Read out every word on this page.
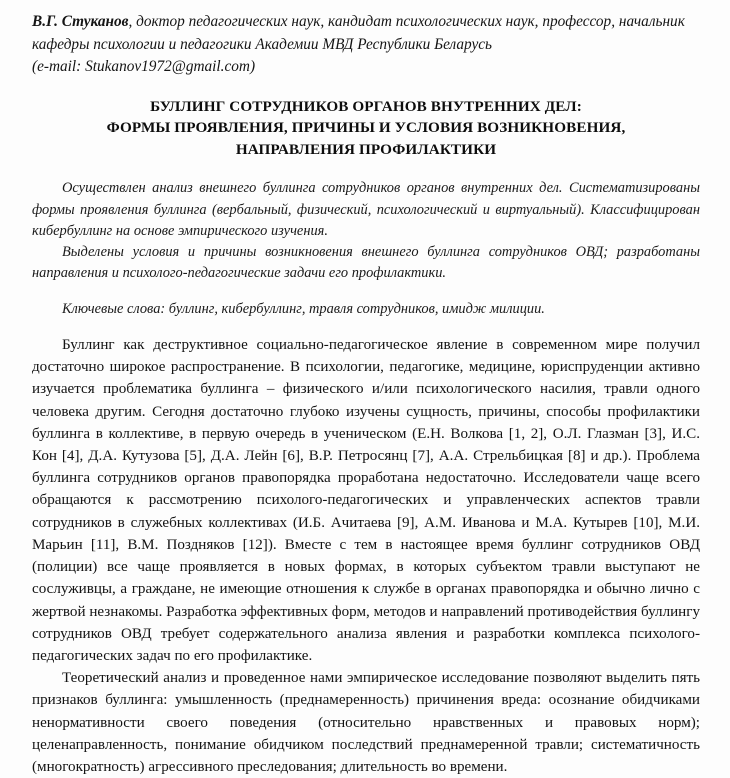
В.Г. Стуканов, доктор педагогических наук, кандидат психологических наук, профессор, начальник кафедры психологии и педагогики Академии МВД Республики Беларусь
(e-mail: Stukanov1972@gmail.com)
БУЛЛИНГ СОТРУДНИКОВ ОРГАНОВ ВНУТРЕННИХ ДЕЛ:
ФОРМЫ ПРОЯВЛЕНИЯ, ПРИЧИНЫ И УСЛОВИЯ ВОЗНИКНОВЕНИЯ,
НАПРАВЛЕНИЯ ПРОФИЛАКТИКИ

Осуществлен анализ внешнего буллинга сотрудников органов внутренних дел. Систематизированы формы проявления буллинга (вербальный, физический, психологический и виртуальный). Классифицирован кибербуллинг на основе эмпирического изучения.

Выделены условия и причины возникновения внешнего буллинга сотрудников ОВД; разработаны направления и психолого-педагогические задачи его профилактики.

Ключевые слова: буллинг, кибербуллинг, травля сотрудников, имидж милиции.

Буллинг как деструктивное социально-педагогическое явление в современном мире получил достаточно широкое распространение. В психологии, педагогике, медицине, юриспруденции активно изучается проблематика буллинга – физического и/или психологического насилия, травли одного человека другим. Сегодня достаточно глубоко изучены сущность, причины, способы профилактики буллинга в коллективе, в первую очередь в ученическом (Е.Н. Волкова [1, 2], О.Л. Глазман [3], И.С. Кон [4], Д.А. Кутузова [5], Д.А. Лейн [6], В.Р. Петросянц [7], А.А. Стрельбицкая [8] и др.). Проблема буллинга сотрудников органов правопорядка проработана недостаточно. Исследователи чаще всего обращаются к рассмотрению психолого-педагогических и управленческих аспектов травли сотрудников в служебных коллективах (И.Б. Ачитаева [9], А.М. Иванова и М.А. Кутырев [10], М.И. Марьин [11], В.М. Поздняков [12]). Вместе с тем в настоящее время буллинг сотрудников ОВД (полиции) все чаще проявляется в новых формах, в которых субъектом травли выступают не сослуживцы, а граждане, не имеющие отношения к службе в органах правопорядка и обычно лично с жертвой незнакомы. Разработка эффективных форм, методов и направлений противодействия буллингу сотрудников ОВД требует содержательного анализа явления и разработки комплекса психолого-педагогических задач по его профилактике.

Теоретический анализ и проведенное нами эмпирическое исследование позволяют выделить пять признаков буллинга: умышленность (преднамеренность) причинения вреда: осознание обидчиками ненормативности своего поведения (относительно нравственных и правовых норм); целенаправленность, понимание обидчиком последствий преднамеренной травли; систематичность (многократность) агрессивного преследования; длительность во времени.
